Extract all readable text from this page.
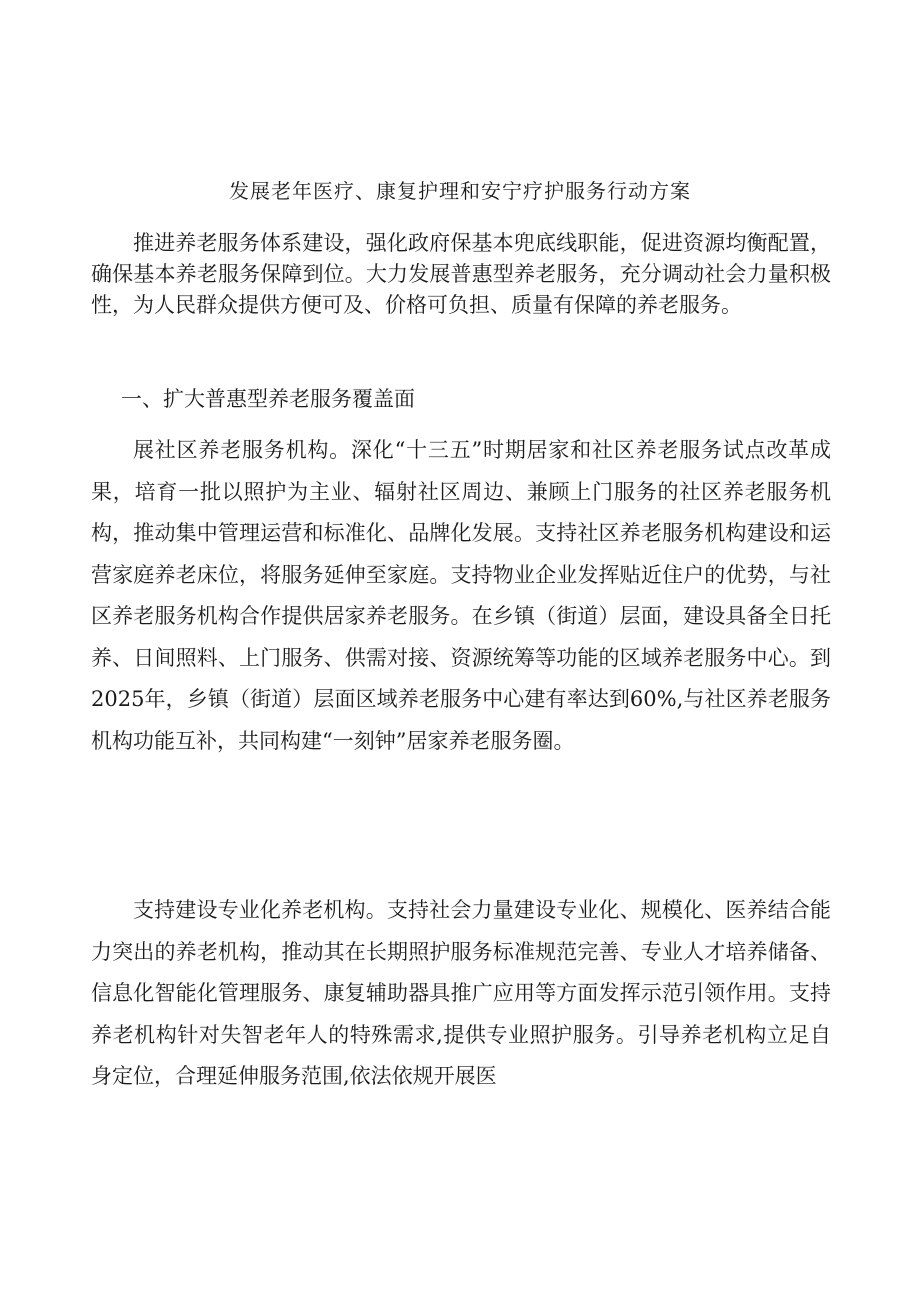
发展老年医疗、康复护理和安宁疗护服务行动方案

推进养老服务体系建设，强化政府保基本兜底线职能，促进资源均衡配置，确保基本养老服务保障到位。大力发展普惠型养老服务，充分调动社会力量积极性，为人民群众提供方便可及、价格可负担、质量有保障的养老服务。

一、扩大普惠型养老服务覆盖面

展社区养老服务机构。深化“十三五”时期居家和社区养老服务试点改革成果，培育一批以照护为主业、辐射社区周边、兼顾上门服务的社区养老服务机构，推动集中管理运营和标准化、品牌化发展。支持社区养老服务机构建设和运营家庭养老床位，将服务延伸至家庭。支持物业企业发挥贴近住户的优势，与社区养老服务机构合作提供居家养老服务。在乡镇（街道）层面，建设具备全日托养、日间照料、上门服务、供需对接、资源统筹等功能的区域养老服务中心。到2025年，乡镇（街道）层面区域养老服务中心建有率达到60%,与社区养老服务机构功能互补，共同构建“一刻钟”居家养老服务圈。

支持建设专业化养老机构。支持社会力量建设专业化、规模化、医养结合能力突出的养老机构，推动其在长期照护服务标准规范完善、专业人才培养储备、信息化智能化管理服务、康复辅助器具推广应用等方面发挥示范引领作用。支持养老机构针对失智老年人的特殊需求,提供专业照护服务。引导养老机构立足自身定位，合理延伸服务范围,依法依规开展医
